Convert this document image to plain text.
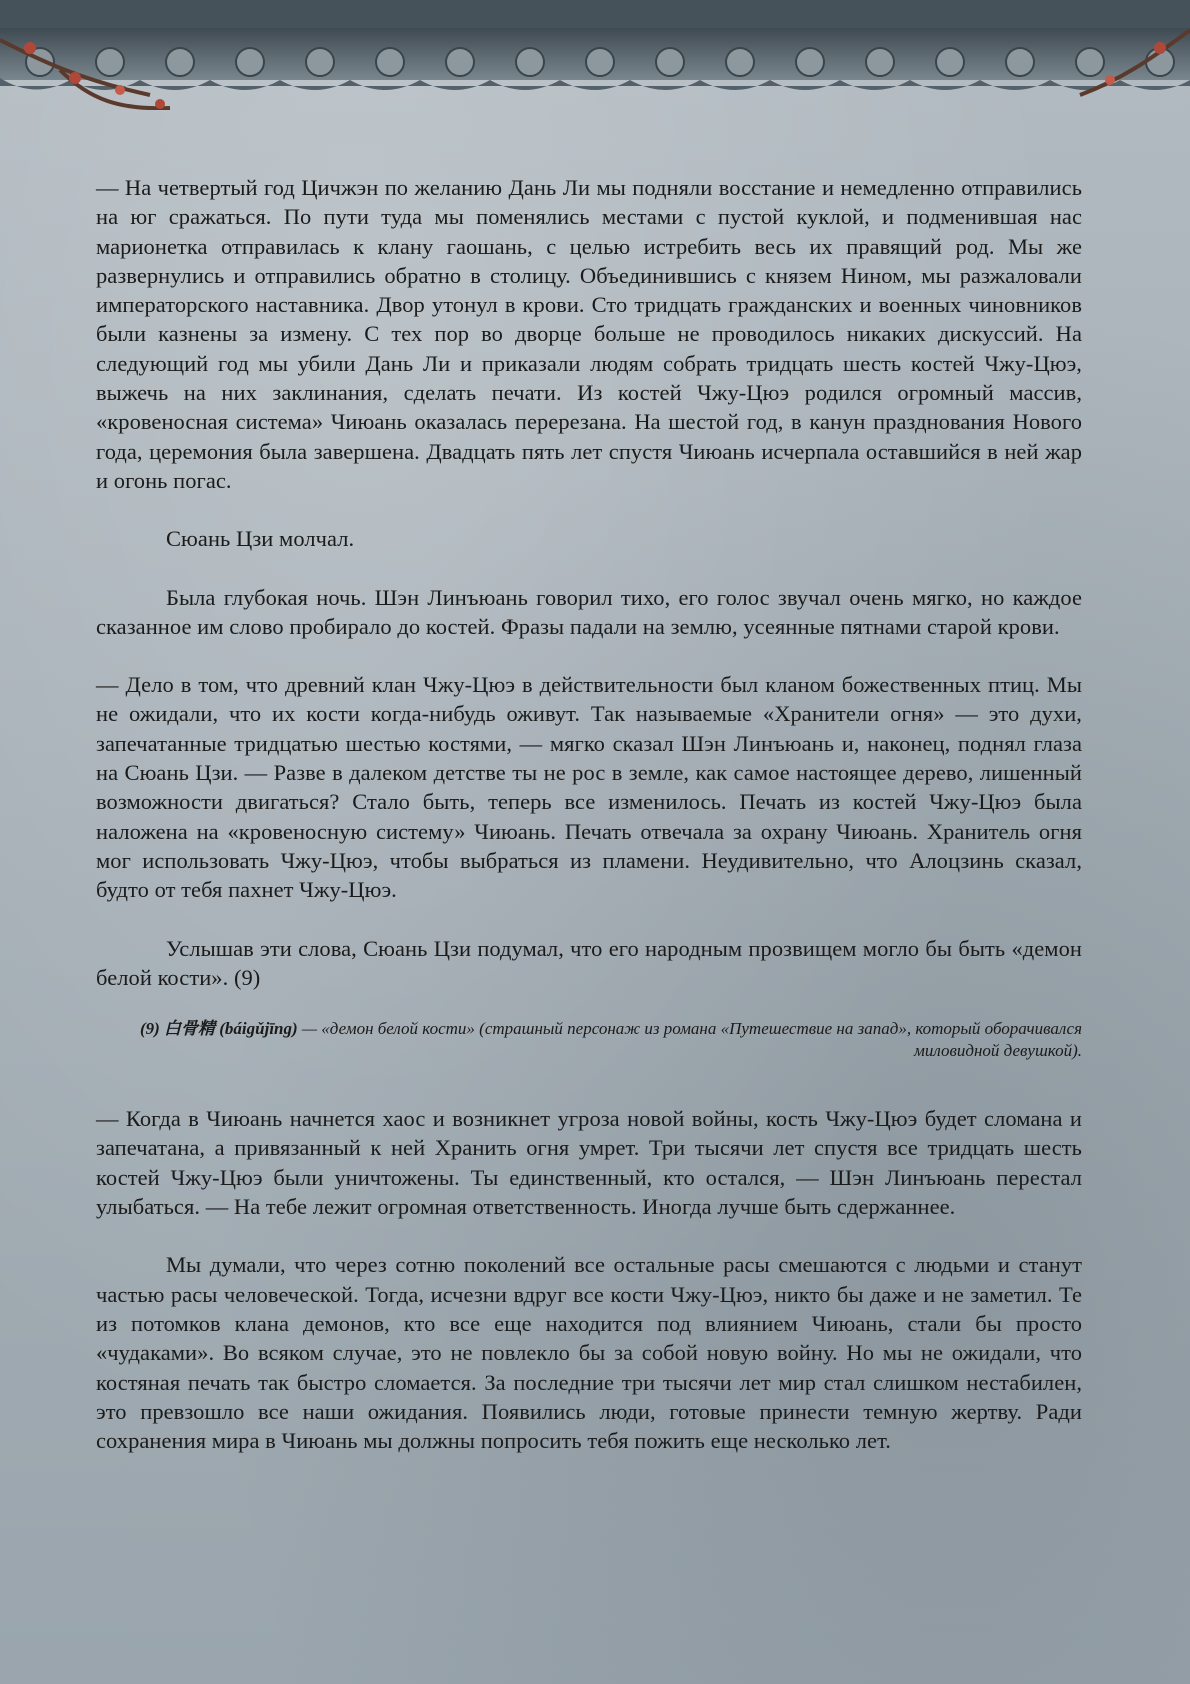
— На четвертый год Цичжэн по желанию Дань Ли мы подняли восстание и немедленно отправились на юг сражаться. По пути туда мы поменялись местами с пустой куклой, и подменившая нас марионетка отправилась к клану гаошань, с целью истребить весь их правящий род. Мы же развернулись и отправились обратно в столицу. Объединившись с князем Нином, мы разжаловали императорского наставника. Двор утонул в крови. Сто тридцать гражданских и военных чиновников были казнены за измену. С тех пор во дворце больше не проводилось никаких дискуссий. На следующий год мы убили Дань Ли и приказали людям собрать тридцать шесть костей Чжу-Цюэ, выжечь на них заклинания, сделать печати. Из костей Чжу-Цюэ родился огромный массив, «кровеносная система» Чиюань оказалась перерезана. На шестой год, в канун празднования Нового года, церемония была завершена. Двадцать пять лет спустя Чиюань исчерпала оставшийся в ней жар и огонь погас.

Сюань Цзи молчал.

Была глубокая ночь. Шэн Линъюань говорил тихо, его голос звучал очень мягко, но каждое сказанное им слово пробирало до костей. Фразы падали на землю, усеянные пятнами старой крови.

— Дело в том, что древний клан Чжу-Цюэ в действительности был кланом божественных птиц. Мы не ожидали, что их кости когда-нибудь оживут. Так называемые «Хранители огня» — это духи, запечатанные тридцатью шестью костями, — мягко сказал Шэн Линъюань и, наконец, поднял глаза на Сюань Цзи. — Разве в далеком детстве ты не рос в земле, как самое настоящее дерево, лишенный возможности двигаться? Стало быть, теперь все изменилось. Печать из костей Чжу-Цюэ была наложена на «кровеносную систему» Чиюань. Печать отвечала за охрану Чиюань. Хранитель огня мог использовать Чжу-Цюэ, чтобы выбраться из пламени. Неудивительно, что Алоцзинь сказал, будто от тебя пахнет Чжу-Цюэ.

Услышав эти слова, Сюань Цзи подумал, что его народным прозвищем могло бы быть «демон белой кости». (9)

(9) 白骨精 (báigǔjīng) — «демон белой кости» (страшный персонаж из романа «Путешествие на запад», который оборачивался миловидной девушкой).

— Когда в Чиюань начнется хаос и возникнет угроза новой войны, кость Чжу-Цюэ будет сломана и запечатана, а привязанный к ней Хранить огня умрет. Три тысячи лет спустя все тридцать шесть костей Чжу-Цюэ были уничтожены. Ты единственный, кто остался, — Шэн Линъюань перестал улыбаться. — На тебе лежит огромная ответственность. Иногда лучше быть сдержаннее.

Мы думали, что через сотню поколений все остальные расы смешаются с людьми и станут частью расы человеческой. Тогда, исчезни вдруг все кости Чжу-Цюэ, никто бы даже и не заметил. Те из потомков клана демонов, кто все еще находится под влиянием Чиюань, стали бы просто «чудаками». Во всяком случае, это не повлекло бы за собой новую войну. Но мы не ожидали, что костяная печать так быстро сломается. За последние три тысячи лет мир стал слишком нестабилен, это превзошло все наши ожидания. Появились люди, готовые принести темную жертву. Ради сохранения мира в Чиюань мы должны попросить тебя пожить еще несколько лет.
